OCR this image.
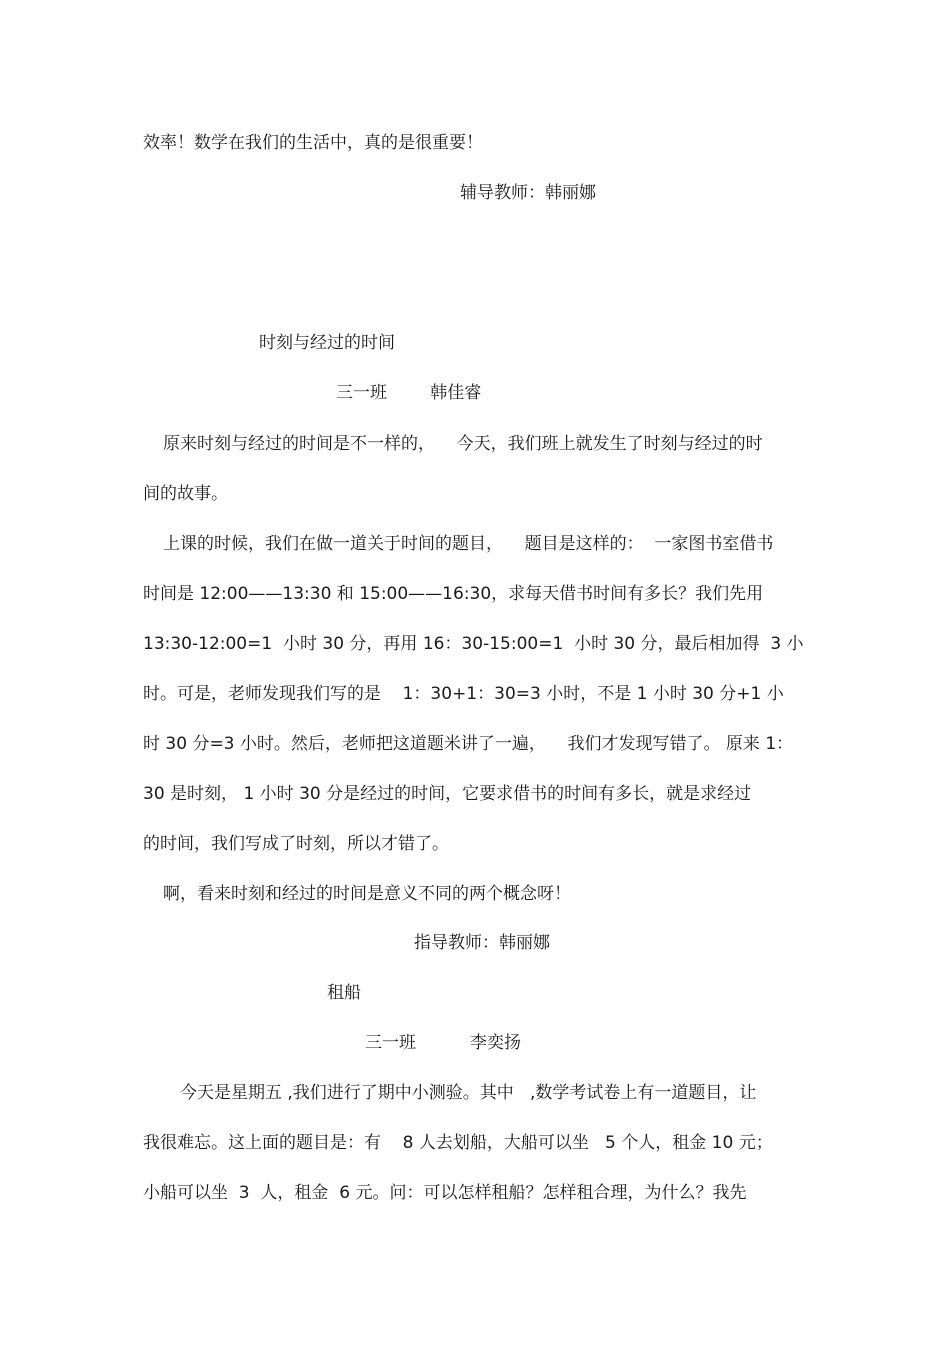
效率！数学在我们的生活中，真的是很重要！
辅导教师：韩丽娜
时刻与经过的时间
三一班        韩佳睿
原来时刻与经过的时间是不一样的，    今天，我们班上就发生了时刻与经过的时
间的故事。
上课的时候，我们在做一道关于时间的题目，    题目是这样的：  一家图书室借书
时间是 12:00——13:30 和 15:00——16:30，求每天借书时间有多长？我们先用
13:30-12:00=1  小时 30 分，再用 16：30-15:00=1  小时 30 分，最后相加得  3 小
时。可是，老师发现我们写的是    1：30+1：30=3 小时，不是 1 小时 30 分+1 小
时 30 分=3 小时。然后，老师把这道题米讲了一遍，    我们才发现写错了。 原来 1：
30 是时刻， 1 小时 30 分是经过的时间，它要求借书的时间有多长，就是求经过
的时间，我们写成了时刻，所以才错了。
啊，看来时刻和经过的时间是意义不同的两个概念呀！
指导教师：韩丽娜
租船
三一班          李奕扬
今天是星期五 ,我们进行了期中小测验。其中   ,数学考试卷上有一道题目，让
我很难忘。这上面的题目是：有    8 人去划船，大船可以坐   5 个人，租金 10 元；
小船可以坐  3  人，租金  6 元。问：可以怎样租船？怎样租合理，为什么？我先
